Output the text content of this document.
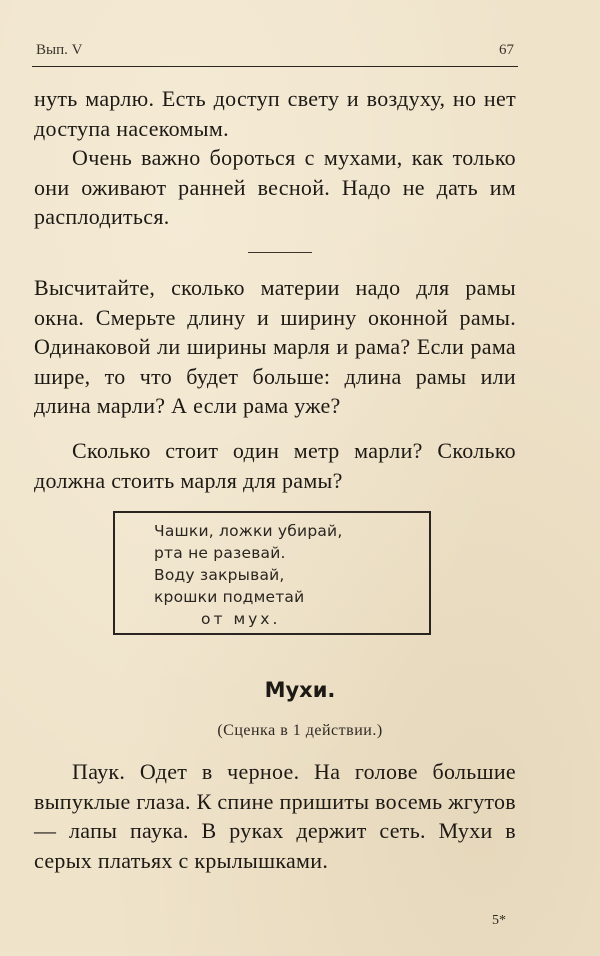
Вып. V	67

нуть марлю. Есть доступ свету и воздуху, но нет доступа насекомым.

Очень важно бороться с мухами, как только они оживают ранней весной. Надо не дать им расплодиться.

Высчитайте, сколько материи надо для рамы окна. Смерьте длину и ширину оконной рамы. Одинаковой ли ширины марля и рама? Если рама шире, то что будет больше: длина рамы или длина марли? А если рама уже?

Сколько стоит один метр марли? Сколько должна стоить марля для рамы?

Чашки, ложки убирай,
рта не разевай.
Воду закрывай,
крошки подметай
от мух.
Мухи.
(Сценка в 1 действии.)

Паук. Одет в черное. На голове большие выпуклые глаза. К спине пришиты восемь жгутов — лапы паука. В руках держит сеть. Мухи в серых платьях с крылышками.

5*
